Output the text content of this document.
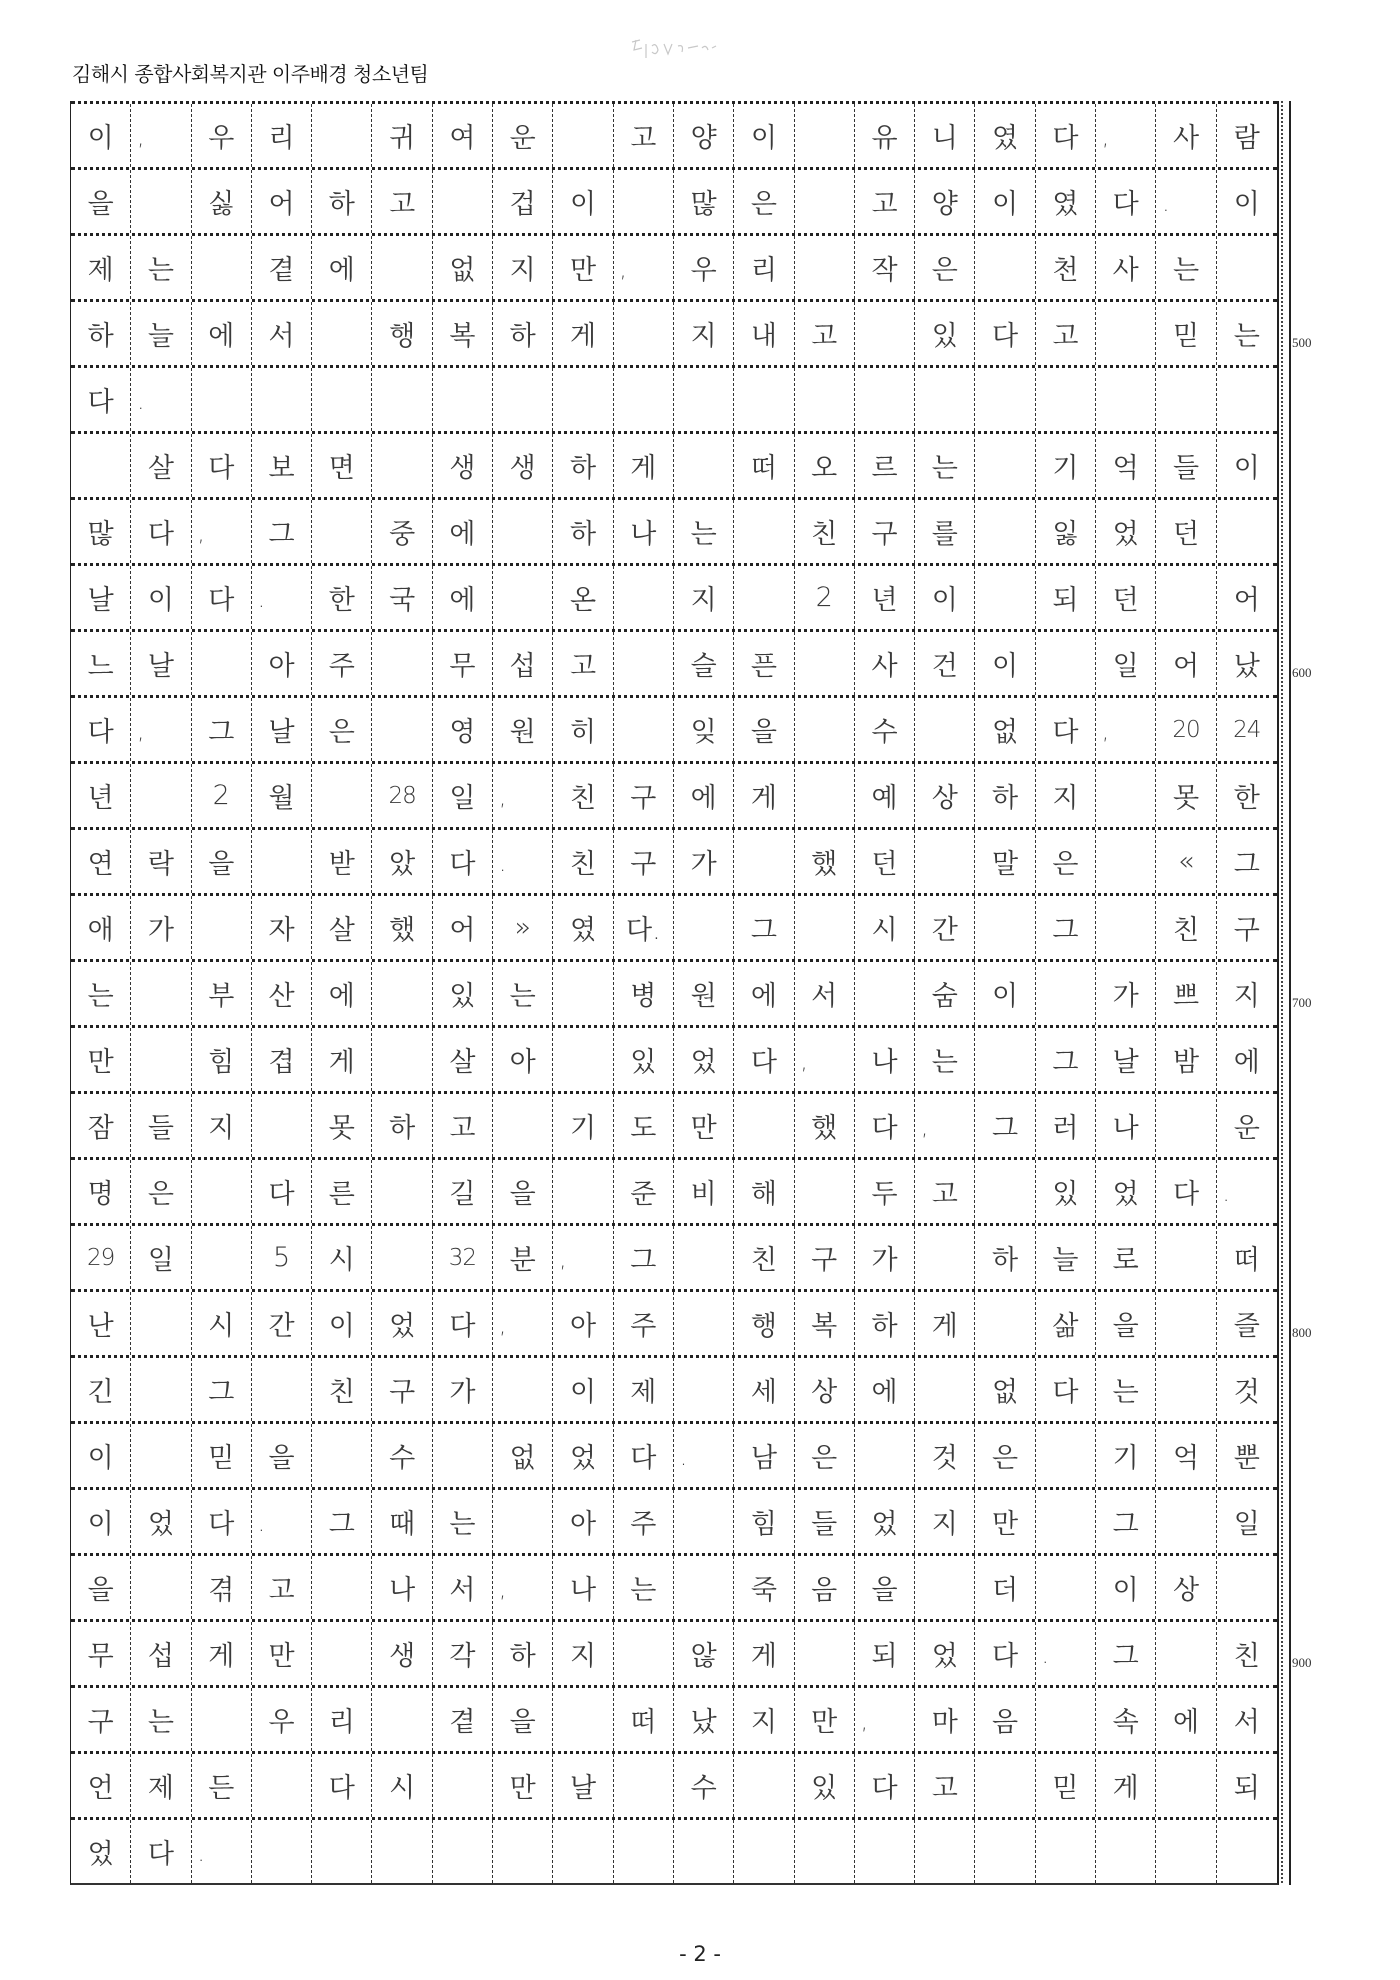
김해시 종합사회복지관 이주배경 청소년팀
이	,	우	리	귀	여	운	고	양	이	유	니	였	다	,	사	람
을	싫	어	하	고	겁	이	많	은	고	양	이	였	다	.	이
제	는	곁	에	없	지	만	,	우	리	작	은	천	사	는
하	늘	에	서	행	복	하	게	지	내	고	있	다	고	믿	는
다	.
살	다	보	면	생	생	하	게	떠	오	르	는	기	억	들	이
많	다	,	그	중	에	하	나	는	친	구	를	잃	었	던
날	이	다	.	한	국	에	온	지	2	년	이	되	던	어
느	날	아	주	무	섭	고	슬	픈	사	건	이	일	어	났
다	,	그	날	은	영	원	히	잊	을	수	없	다	,	20	24
년	2	월	28	일	,	친	구	에	게	예	상	하	지	못	한
연	락	을	받	았	다	.	친	구	가	했	던	말	은	«	그
애	가	자	살	했	어	»	였	다.	그	시	간	그	친	구
는	부	산	에	있	는	병	원	에	서	숨	이	가	쁘	지
만	힘	겹	게	살	아	있	었	다	,	나	는	그	날	밤	에
잠	들	지	못	하	고	기	도	만	했	다	,	그	러	나	운
명	은	다	른	길	을	준	비	해	두	고	있	었	다	.
29	일	5	시	32	분	,	그	친	구	가	하	늘	로	떠
난	시	간	이	었	다	,	아	주	행	복	하	게	삶	을	즐
긴	그	친	구	가	이	제	세	상	에	없	다	는	것
이	믿	을	수	없	었	다	.	남	은	것	은	기	억	뿐
이	었	다	.	그	때	는	아	주	힘	들	었	지	만	그	일
을	겪	고	나	서	,	나	는	죽	음	을	더	이	상
무	섭	게	만	생	각	하	지	않	게	되	었	다	.	그	친
구	는	우	리	곁	을	떠	났	지	만	,	마	음	속	에	서
언	제	든	다	시	만	날	수	있	다	고	믿	게	되
었	다	.
500
600
700
800
900
- 2 -
